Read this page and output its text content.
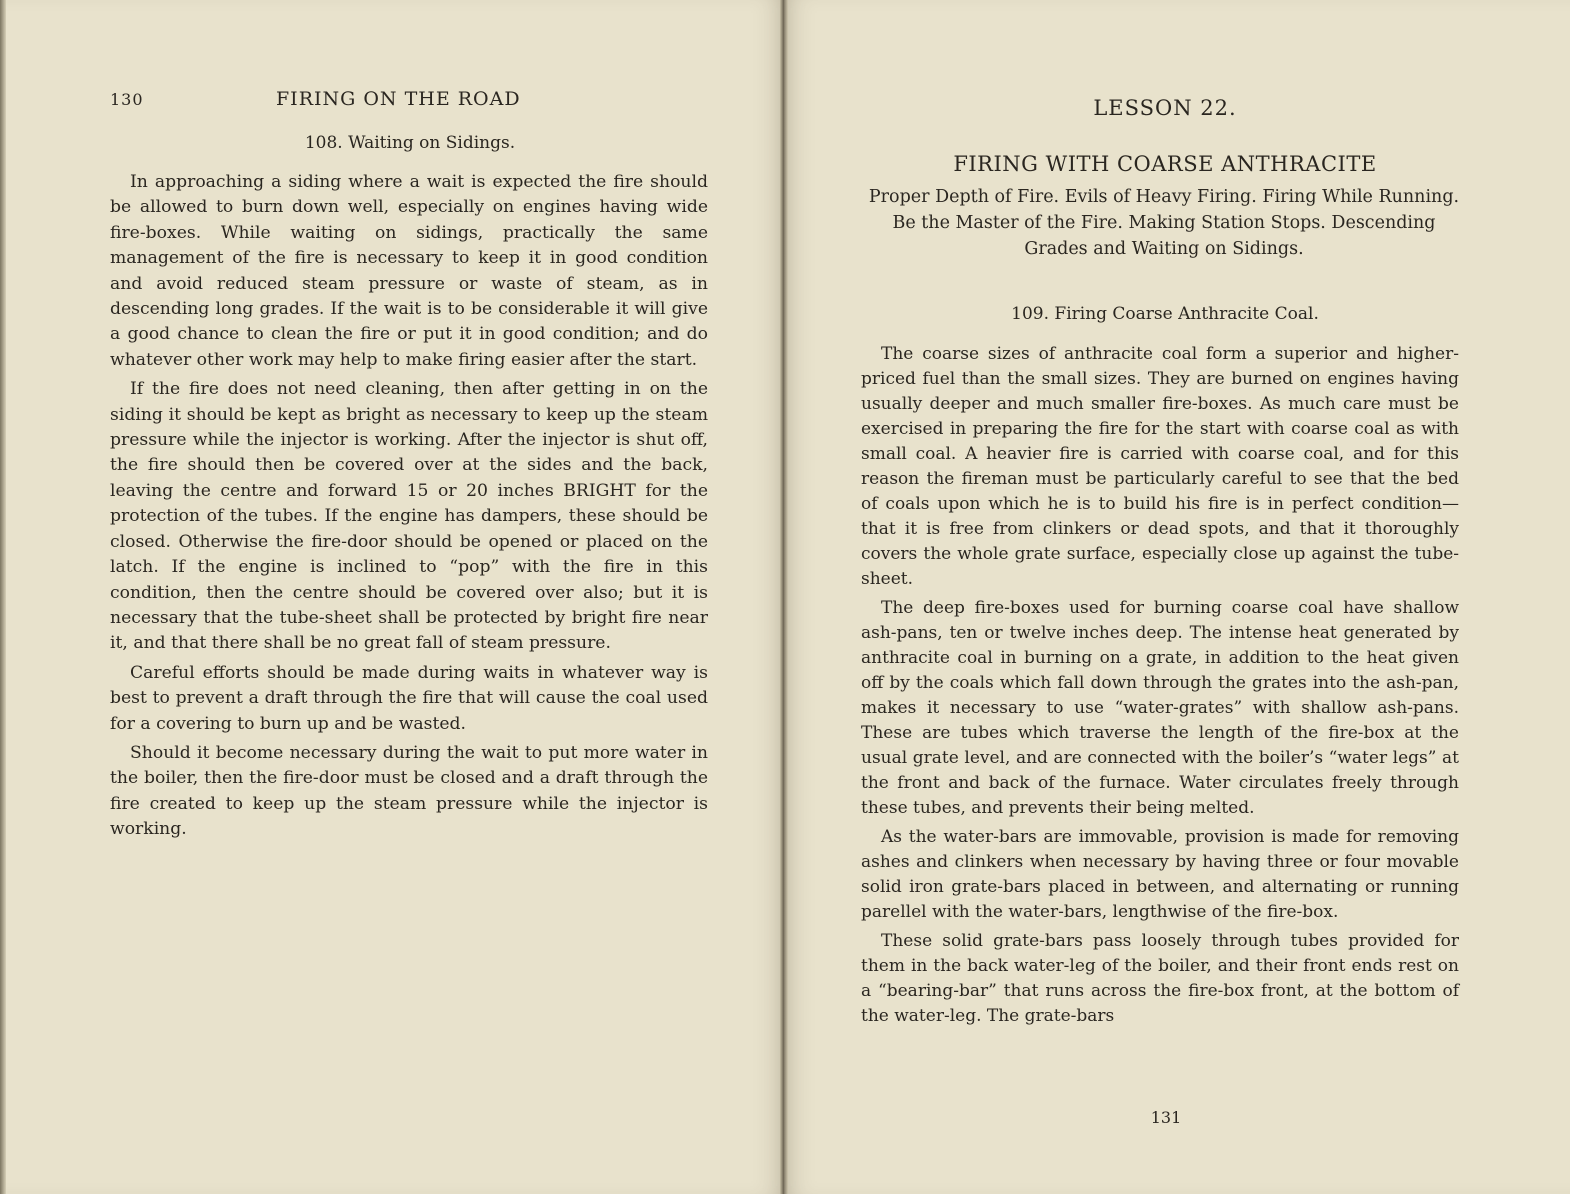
130	FIRING ON THE ROAD
108. Waiting on Sidings.

In approaching a siding where a wait is expected the fire should be allowed to burn down well, especially on engines having wide fire-boxes. While waiting on sidings, practically the same management of the fire is necessary to keep it in good condition and avoid reduced steam pressure or waste of steam, as in descending long grades. If the wait is to be considerable it will give a good chance to clean the fire or put it in good condition; and do whatever other work may help to make firing easier after the start.

If the fire does not need cleaning, then after getting in on the siding it should be kept as bright as necessary to keep up the steam pressure while the injector is working. After the injector is shut off, the fire should then be covered over at the sides and the back, leaving the centre and forward 15 or 20 inches BRIGHT for the protection of the tubes. If the engine has dampers, these should be closed. Otherwise the fire-door should be opened or placed on the latch. If the engine is inclined to “pop” with the fire in this condition, then the centre should be covered over also; but it is necessary that the tube-sheet shall be protected by bright fire near it, and that there shall be no great fall of steam pressure.

Careful efforts should be made during waits in whatever way is best to prevent a draft through the fire that will cause the coal used for a covering to burn up and be wasted.

Should it become necessary during the wait to put more water in the boiler, then the fire-door must be closed and a draft through the fire created to keep up the steam pressure while the injector is working.

LESSON 22.
FIRING WITH COARSE ANTHRACITE
Proper Depth of Fire. Evils of Heavy Firing. Firing While Running. Be the Master of the Fire. Making Station Stops. Descending Grades and Waiting on Sidings.
109. Firing Coarse Anthracite Coal.

The coarse sizes of anthracite coal form a superior and higher-priced fuel than the small sizes. They are burned on engines having usually deeper and much smaller fire-boxes. As much care must be exercised in preparing the fire for the start with coarse coal as with small coal. A heavier fire is carried with coarse coal, and for this reason the fireman must be particularly careful to see that the bed of coals upon which he is to build his fire is in perfect condition—that it is free from clinkers or dead spots, and that it thoroughly covers the whole grate surface, especially close up against the tube-sheet.

The deep fire-boxes used for burning coarse coal have shallow ash-pans, ten or twelve inches deep. The intense heat generated by anthracite coal in burning on a grate, in addition to the heat given off by the coals which fall down through the grates into the ash-pan, makes it necessary to use “water-grates” with shallow ash-pans. These are tubes which traverse the length of the fire-box at the usual grate level, and are connected with the boiler’s “water legs” at the front and back of the furnace. Water circulates freely through these tubes, and prevents their being melted.

As the water-bars are immovable, provision is made for removing ashes and clinkers when necessary by having three or four movable solid iron grate-bars placed in between, and alternating or running parellel with the water-bars, lengthwise of the fire-box.

These solid grate-bars pass loosely through tubes provided for them in the back water-leg of the boiler, and their front ends rest on a “bearing-bar” that runs across the fire-box front, at the bottom of the water-leg. The grate-bars

131
